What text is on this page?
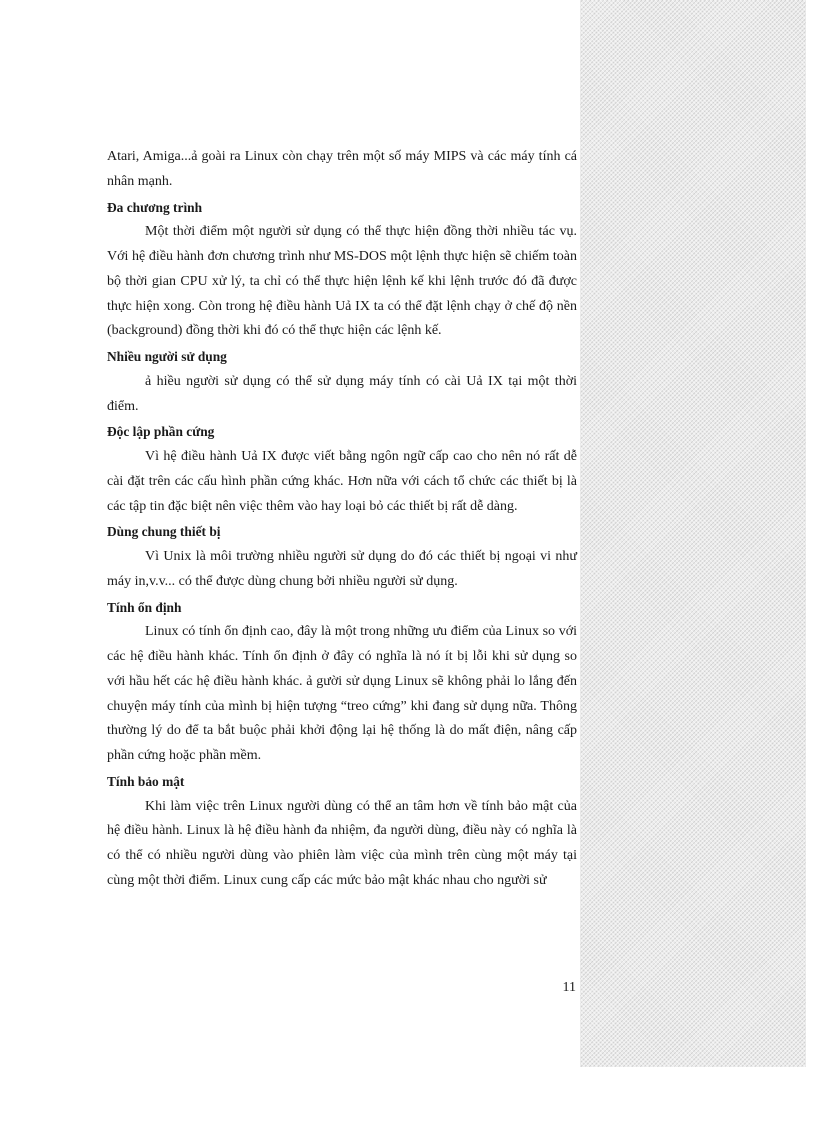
Atari, Amiga...ả goài ra Linux còn chạy trên một số máy MIPS và các máy tính cá nhân mạnh.

Đa chương trình

Một thời điểm một người sử dụng có thể thực hiện đồng thời nhiều tác vụ. Với hệ điều hành đơn chương trình như MS-DOS một lệnh thực hiện sẽ chiếm toàn bộ thời gian CPU xử lý, ta chỉ có thể thực hiện lệnh kế khi lệnh trước đó đã được thực hiện xong. Còn trong hệ điều hành Uả IX ta có thể đặt lệnh chạy ở chế độ nền (background) đồng thời khi đó có thể thực hiện các lệnh kế.

Nhiều người sử dụng

ả hiều người sử dụng có thể sử dụng máy tính có cài Uả IX tại một thời điểm.

Độc lập phần cứng

Vì hệ điều hành Uả IX được viết bằng ngôn ngữ cấp cao cho nên nó rất dễ cài đặt trên các cấu hình phần cứng khác. Hơn nữa với cách tổ chức các thiết bị là các tập tin đặc biệt nên việc thêm vào hay loại bỏ các thiết bị rất dễ dàng.

Dùng chung thiết bị

Vì Unix là môi trường nhiều người sử dụng do đó các thiết bị ngoại vi như máy in,v.v... có thể được dùng chung bởi nhiều người sử dụng.

Tính ổn định

Linux có tính ổn định cao, đây là một trong những ưu điểm của Linux so với các hệ điều hành khác. Tính ổn định ở đây có nghĩa là nó ít bị lỗi khi sử dụng so với hầu hết các hệ điều hành khác. ả gười sử dụng Linux sẽ không phải lo lắng đến chuyện máy tính của mình bị hiện tượng “treo cứng” khi đang sử dụng nữa. Thông thường lý do để ta bắt buộc phải khởi động lại hệ thống là do mất điện, nâng cấp phần cứng hoặc phần mềm.

Tính bảo mật

Khi làm việc trên Linux người dùng có thể an tâm hơn về tính bảo mật của hệ điều hành. Linux là hệ điều hành đa nhiệm, đa người dùng, điều này có nghĩa là có thể có nhiều người dùng vào phiên làm việc của mình trên cùng một máy tại cùng một thời điểm. Linux cung cấp các mức bảo mật khác nhau cho người sử

11
